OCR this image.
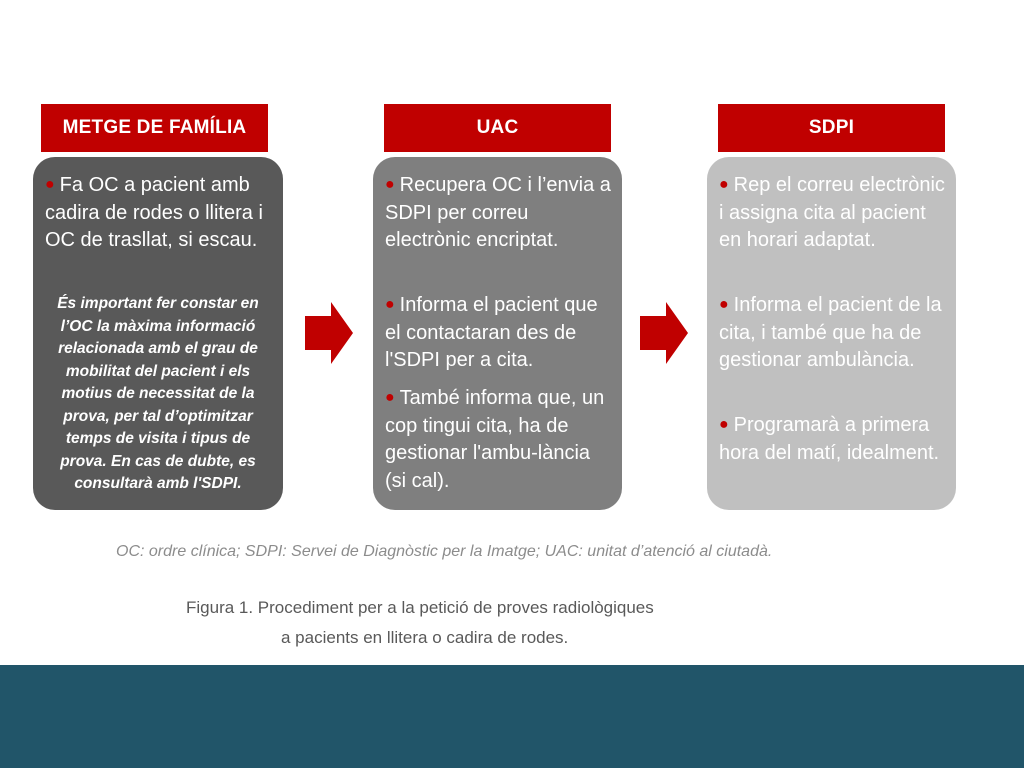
METGE DE FAMÍLIA

● Fa OC a pacient amb cadira de rodes o llitera i OC de trasllat, si escau.

És important fer constar en l’OC la màxima informació relacionada amb el grau de mobilitat del pacient i els motius de necessitat de la prova, per tal d’optimitzar temps de visita i tipus de prova. En cas de dubte, es consultarà amb l'SDPI.

UAC

● Recupera OC i l’envia a SDPI per correu electrònic encriptat.

● Informa el pacient que el contactaran des de l'SDPI per a cita.

● També informa que, un cop tingui cita, ha de gestionar l'ambu-lància (si cal).

SDPI

● Rep el correu electrònic i assigna cita al pacient en horari adaptat.

● Informa el pacient de la cita, i també que ha de gestionar ambulància.

● Programarà a primera hora del matí, idealment.

OC: ordre clínica; SDPI: Servei de Diagnòstic per la Imatge; UAC: unitat d’atenció al ciutadà.
Figura 1. Procediment per a la petició de proves radiològiques
a pacients en llitera o cadira de rodes.
